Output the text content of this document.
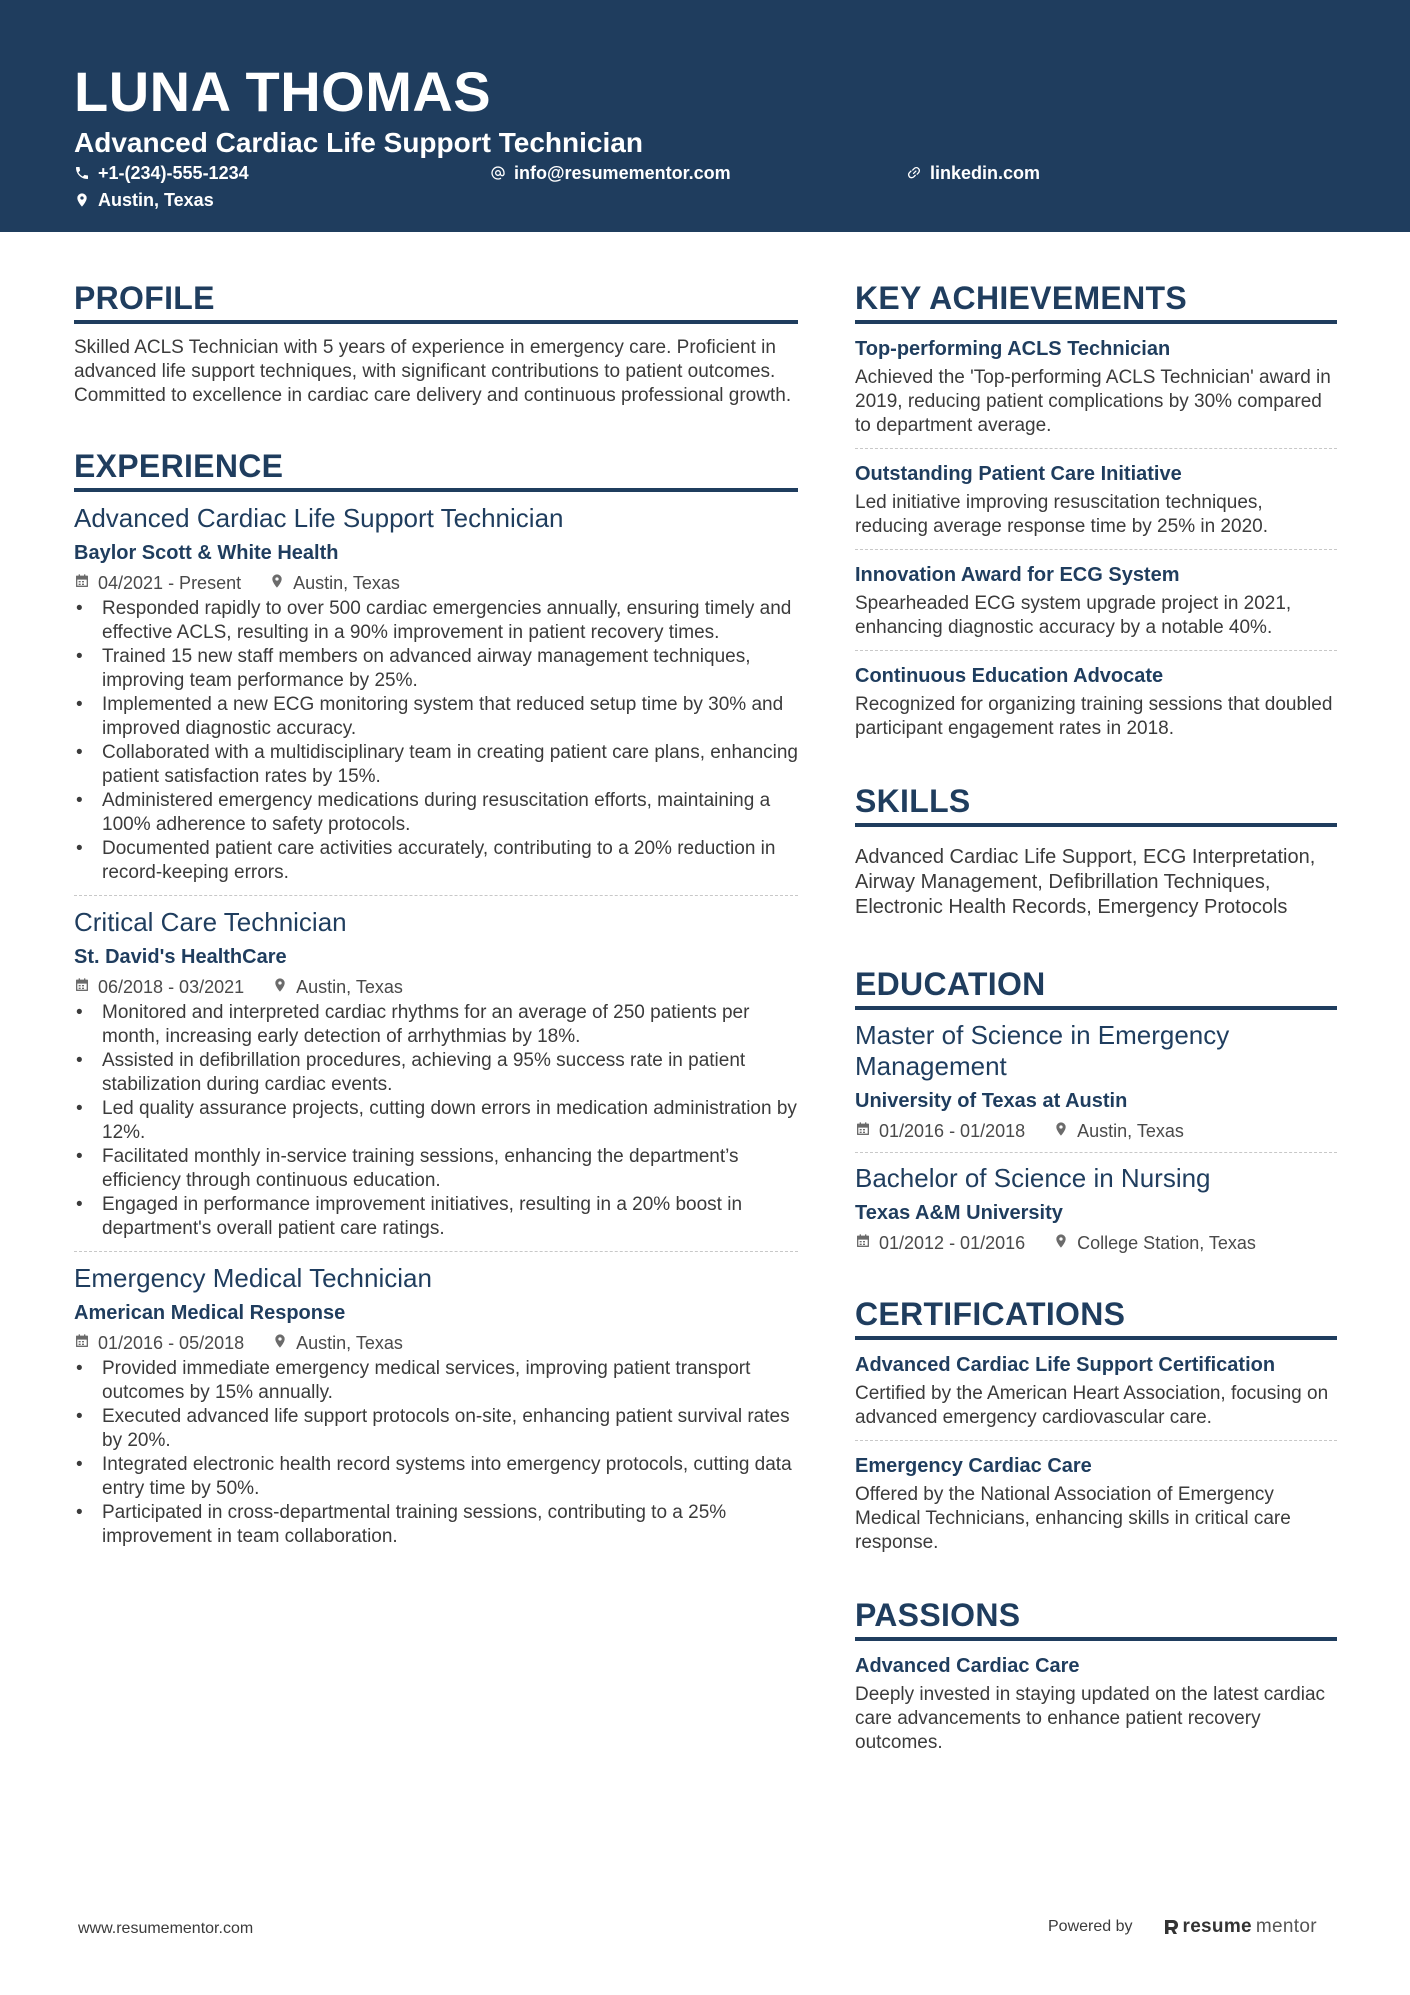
LUNA THOMAS
Advanced Cardiac Life Support Technician
+1-(234)-555-1234	info@resumementor.com	linkedin.com
Austin, Texas
PROFILE
Skilled ACLS Technician with 5 years of experience in emergency care. Proficient in advanced life support techniques, with significant contributions to patient outcomes. Committed to excellence in cardiac care delivery and continuous professional growth.
EXPERIENCE
Advanced Cardiac Life Support Technician
Baylor Scott & White Health
04/2021 - Present	Austin, Texas
• Responded rapidly to over 500 cardiac emergencies annually, ensuring timely and effective ACLS, resulting in a 90% improvement in patient recovery times.
• Trained 15 new staff members on advanced airway management techniques, improving team performance by 25%.
• Implemented a new ECG monitoring system that reduced setup time by 30% and improved diagnostic accuracy.
• Collaborated with a multidisciplinary team in creating patient care plans, enhancing patient satisfaction rates by 15%.
• Administered emergency medications during resuscitation efforts, maintaining a 100% adherence to safety protocols.
• Documented patient care activities accurately, contributing to a 20% reduction in record-keeping errors.
Critical Care Technician
St. David's HealthCare
06/2018 - 03/2021	Austin, Texas
• Monitored and interpreted cardiac rhythms for an average of 250 patients per month, increasing early detection of arrhythmias by 18%.
• Assisted in defibrillation procedures, achieving a 95% success rate in patient stabilization during cardiac events.
• Led quality assurance projects, cutting down errors in medication administration by 12%.
• Facilitated monthly in-service training sessions, enhancing the department’s efficiency through continuous education.
• Engaged in performance improvement initiatives, resulting in a 20% boost in department's overall patient care ratings.
Emergency Medical Technician
American Medical Response
01/2016 - 05/2018	Austin, Texas
• Provided immediate emergency medical services, improving patient transport outcomes by 15% annually.
• Executed advanced life support protocols on-site, enhancing patient survival rates by 20%.
• Integrated electronic health record systems into emergency protocols, cutting data entry time by 50%.
• Participated in cross-departmental training sessions, contributing to a 25% improvement in team collaboration.
KEY ACHIEVEMENTS
Top-performing ACLS Technician
Achieved the 'Top-performing ACLS Technician' award in 2019, reducing patient complications by 30% compared to department average.
Outstanding Patient Care Initiative
Led initiative improving resuscitation techniques, reducing average response time by 25% in 2020.
Innovation Award for ECG System
Spearheaded ECG system upgrade project in 2021, enhancing diagnostic accuracy by a notable 40%.
Continuous Education Advocate
Recognized for organizing training sessions that doubled participant engagement rates in 2018.
SKILLS
Advanced Cardiac Life Support, ECG Interpretation, Airway Management, Defibrillation Techniques, Electronic Health Records, Emergency Protocols
EDUCATION
Master of Science in Emergency Management
University of Texas at Austin
01/2016 - 01/2018	Austin, Texas
Bachelor of Science in Nursing
Texas A&M University
01/2012 - 01/2016	College Station, Texas
CERTIFICATIONS
Advanced Cardiac Life Support Certification
Certified by the American Heart Association, focusing on advanced emergency cardiovascular care.
Emergency Cardiac Care
Offered by the National Association of Emergency Medical Technicians, enhancing skills in critical care response.
PASSIONS
Advanced Cardiac Care
Deeply invested in staying updated on the latest cardiac care advancements to enhance patient recovery outcomes.
www.resumementor.com	Powered by	resume mentor
